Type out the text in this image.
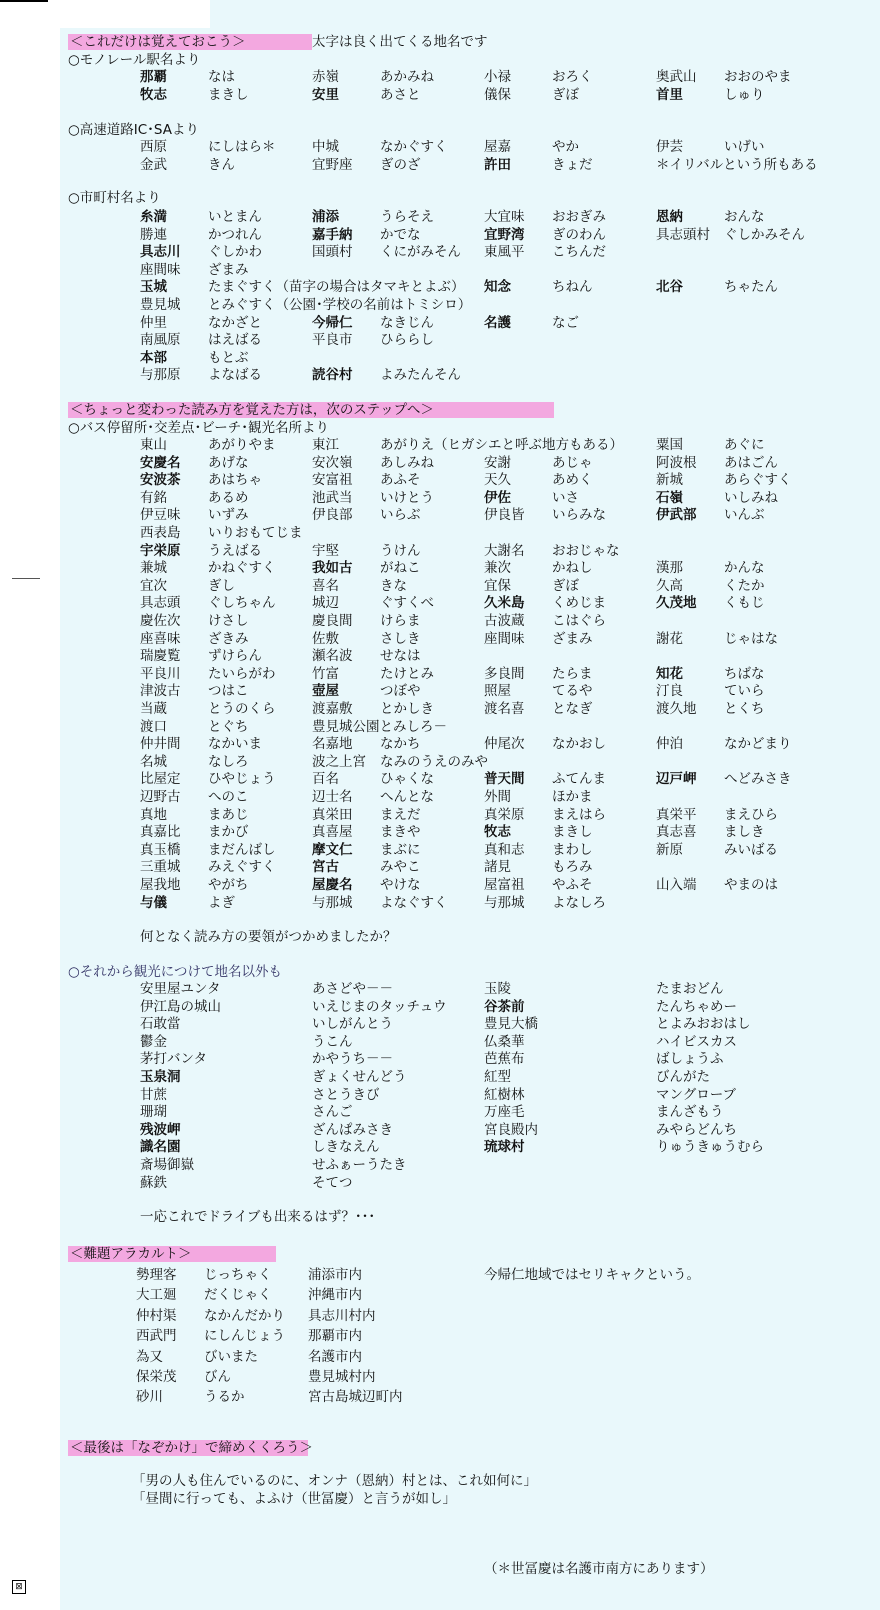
⊠
＜これだけは覚えておこう＞	太字は良く出てくる地名です
○モノレール駅名より
那覇	なは	赤嶺	あかみね	小禄	おろく	奥武山 おおのやま
牧志	まきし	安里	あさと	儀保	ぎぼ	首里	しゅり
○高速道路IC･SAより
西原	にしはら＊	中城	なかぐすく	屋嘉	やか	伊芸	いげい
金武	きん	宜野座 ぎのざ	許田	きょだ	＊イリバルという所もある
○市町村名より
糸満	いとまん	浦添	うらそえ	大宜味 おおぎみ	恩納	おんな
勝連	かつれん	嘉手納 かでな	宜野湾 ぎのわん	具志頭村 ぐしかみそん
具志川 ぐしかわ	国頭村 くにがみそん 東風平 こちんだ
座間味 ざまみ
玉城	たまぐすく（苗字の場合はタマキとよぶ） 知念	ちねん	北谷	ちゃたん
豊見城 とみぐすく（公園･学校の名前はトミシロ）
仲里	なかざと	今帰仁 なきじん	名護	なご
南風原 はえばる	平良市 ひららし
本部	もとぶ
与那原 よなばる	読谷村 よみたんそん
＜ちょっと変わった読み方を覚えた方は，次のステップへ＞
○バス停留所･交差点･ビーチ･観光名所より
東山	あがりやま	東江	あがりえ（ヒガシエと呼ぶ地方もある） 粟国	あぐに
安慶名 あげな	安次嶺 あしみね	安謝	あじゃ	阿波根 あはごん
安波茶 あはちゃ	安富祖 あふそ	天久	あめく	新城	あらぐすく
有銘	あるめ	池武当 いけとう	伊佐	いさ	石嶺	いしみね
伊豆味 いずみ	伊良部 いらぶ	伊良皆 いらみな	伊武部 いんぶ
西表島 いりおもてじま
宇栄原 うえばる	宇堅	うけん	大謝名 おおじゃな
兼城	かねぐすく	我如古 がねこ	兼次	かねし	漢那	かんな
宜次	ぎし	喜名	きな	宜保	ぎぼ	久高	くたか
具志頭 ぐしちゃん	城辺	ぐすくべ	久米島 くめじま	久茂地 くもじ
慶佐次 けさし	慶良間 けらま	古波蔵 こはぐら
座喜味 ざきみ	佐敷	さしき	座間味 ざまみ	謝花	じゃはな
瑞慶覧 ずけらん	瀬名波 せなは
平良川 たいらがわ	竹富	たけとみ	多良間 たらま	知花	ちばな
津波古 つはこ	壺屋	つぼや	照屋	てるや	汀良	ていら
当蔵	とうのくら	渡嘉敷 とかしき	渡名喜 となぎ	渡久地 とくち
渡口	とぐち	豊見城公園とみしろ－
仲井間 なかいま	名嘉地 なかち	仲尾次 なかおし	仲泊	なかどまり
名城	なしろ	波之上宮 なみのうえのみや
比屋定 ひやじょう	百名	ひゃくな	普天間 ふてんま	辺戸岬 へどみさき
辺野古 へのこ	辺士名 へんとな	外間	ほかま
真地	まあじ	真栄田 まえだ	真栄原 まえはら	真栄平 まえひら
真嘉比 まかび	真喜屋 まきや	牧志	まきし	真志喜 ましき
真玉橋 まだんばし	摩文仁 まぶに	真和志 まわし	新原	みいばる
三重城 みえぐすく	宮古	みやこ	諸見	もろみ
屋我地 やがち	屋慶名 やけな	屋富祖 やふそ	山入端 やまのは
与儀	よぎ	与那城 よなぐすく	与那城 よなしろ
何となく読み方の要領がつかめましたか？
○それから観光につけて地名以外も
安里屋ユンタ	あさどや－－	玉陵	たまおどん
伊江島の城山	いえじまのタッチュウ	谷茶前	たんちゃめー
石敢當	いしがんとう	豊見大橋	とよみおおはし
鬱金	うこん	仏桑華	ハイビスカス
茅打バンタ	かやうち－－	芭蕉布	ばしょうふ
玉泉洞	ぎょくせんどう	紅型	びんがた
甘蔗	さとうきび	紅樹林	マングローブ
珊瑚	さんご	万座毛	まんざもう
残波岬	ざんぱみさき	宮良殿内	みやらどんち
識名園	しきなえん	琉球村	りゅうきゅうむら
斎場御嶽	せふぁーうたき
蘇鉄	そてつ
一応これでドライブも出来るはず？･･･
＜難題アラカルト＞
勢理客 じっちゃく	浦添市内
大工廻 だくじゃく	沖縄市内
仲村渠 なかんだかり 具志川村内
西武門 にしんじょう 那覇市内
為又	びいまた	名護市内
保栄茂 びん	豊見城村内
砂川	うるか	宮古島城辺町内
今帰仁地域ではセリキャクという。
＜最後は「なぞかけ」で締めくくろう＞
「男の人も住んでいるのに、オンナ（恩納）村とは、これ如何に」
「昼間に行っても、よふけ（世冨慶）と言うが如し」
（＊世冨慶は名護市南方にあります）
